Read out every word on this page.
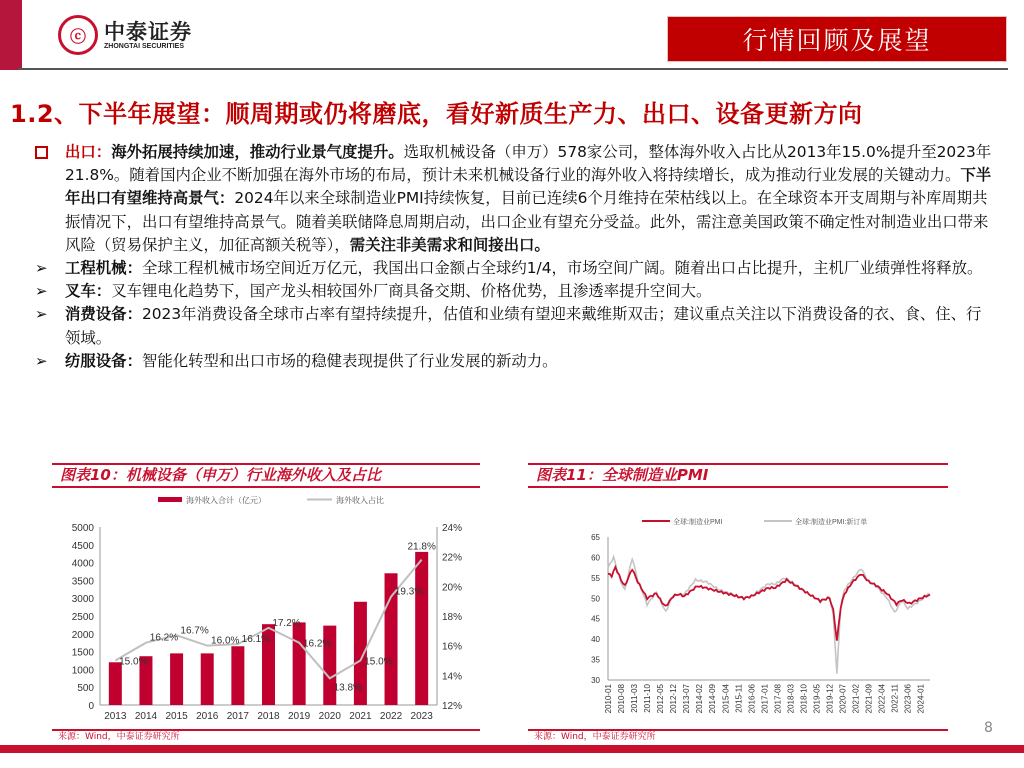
ⓒ 中泰证券
ZHONGTAI SECURITIES	行情回顾及展望
1.2、下半年展望：顺周期或仍将磨底，看好新质生产力、出口、设备更新方向
出口：海外拓展持续加速，推动行业景气度提升。选取机械设备（申万）578家公司，整体海外收入占比从2013年15.0%提升至2023年21.8%。随着国内企业不断加强在海外市场的布局，预计未来机械设备行业的海外收入将持续增长，成为推动行业发展的关键动力。下半年出口有望维持高景气：2024年以来全球制造业PMI持续恢复，目前已连续6个月维持在荣枯线以上。在全球资本开支周期与补库周期共振情况下，出口有望维持高景气。随着美联储降息周期启动，出口企业有望充分受益。此外，需注意美国政策不确定性对制造业出口带来风险（贸易保护主义，加征高额关税等），需关注非美需求和间接出口。
➢ 工程机械：全球工程机械市场空间近万亿元，我国出口金额占全球约1/4，市场空间广阔。随着出口占比提升，主机厂业绩弹性将释放。
➢ 叉车：叉车锂电化趋势下，国产龙头相较国外厂商具备交期、价格优势，且渗透率提升空间大。
➢ 消费设备：2023年消费设备全球市占率有望持续提升，估值和业绩有望迎来戴维斯双击；建议重点关注以下消费设备的衣、食、住、行领域。
➢ 纺服设备：智能化转型和出口市场的稳健表现提供了行业发展的新动力。
图表10：机械设备（申万）行业海外收入及占比
海外收入合计（亿元）	海外收入占比
0
500
1000
1500
2000
2500
3000
3500
4000
4500
5000
12%
14%
16%
18%
20%
22%
24%
2013 2014 2015 2016 2017 2018 2019 2020 2021 2022 2023
15.0%
16.2%
16.7%
16.0% 16.1%
17.2%
16.2%
13.8%
15.0%
19.3%
21.8%
来源：Wind，中泰证券研究所
图表11：全球制造业PMI
全球:制造业PMI	全球:制造业PMI:新订单
30
35
40
45
50
55
60
65
2010-01 2010-08 2011-03 2011-10 2012-05 2012-12 2013-07 2014-02 2014-09 2015-04 2015-11 2016-06 2017-01 2017-08 2018-03 2018-10 2019-05 2019-12 2020-07 2021-02 2021-09 2022-04 2022-11 2023-06 2024-01
来源：Wind，中泰证券研究所
8
